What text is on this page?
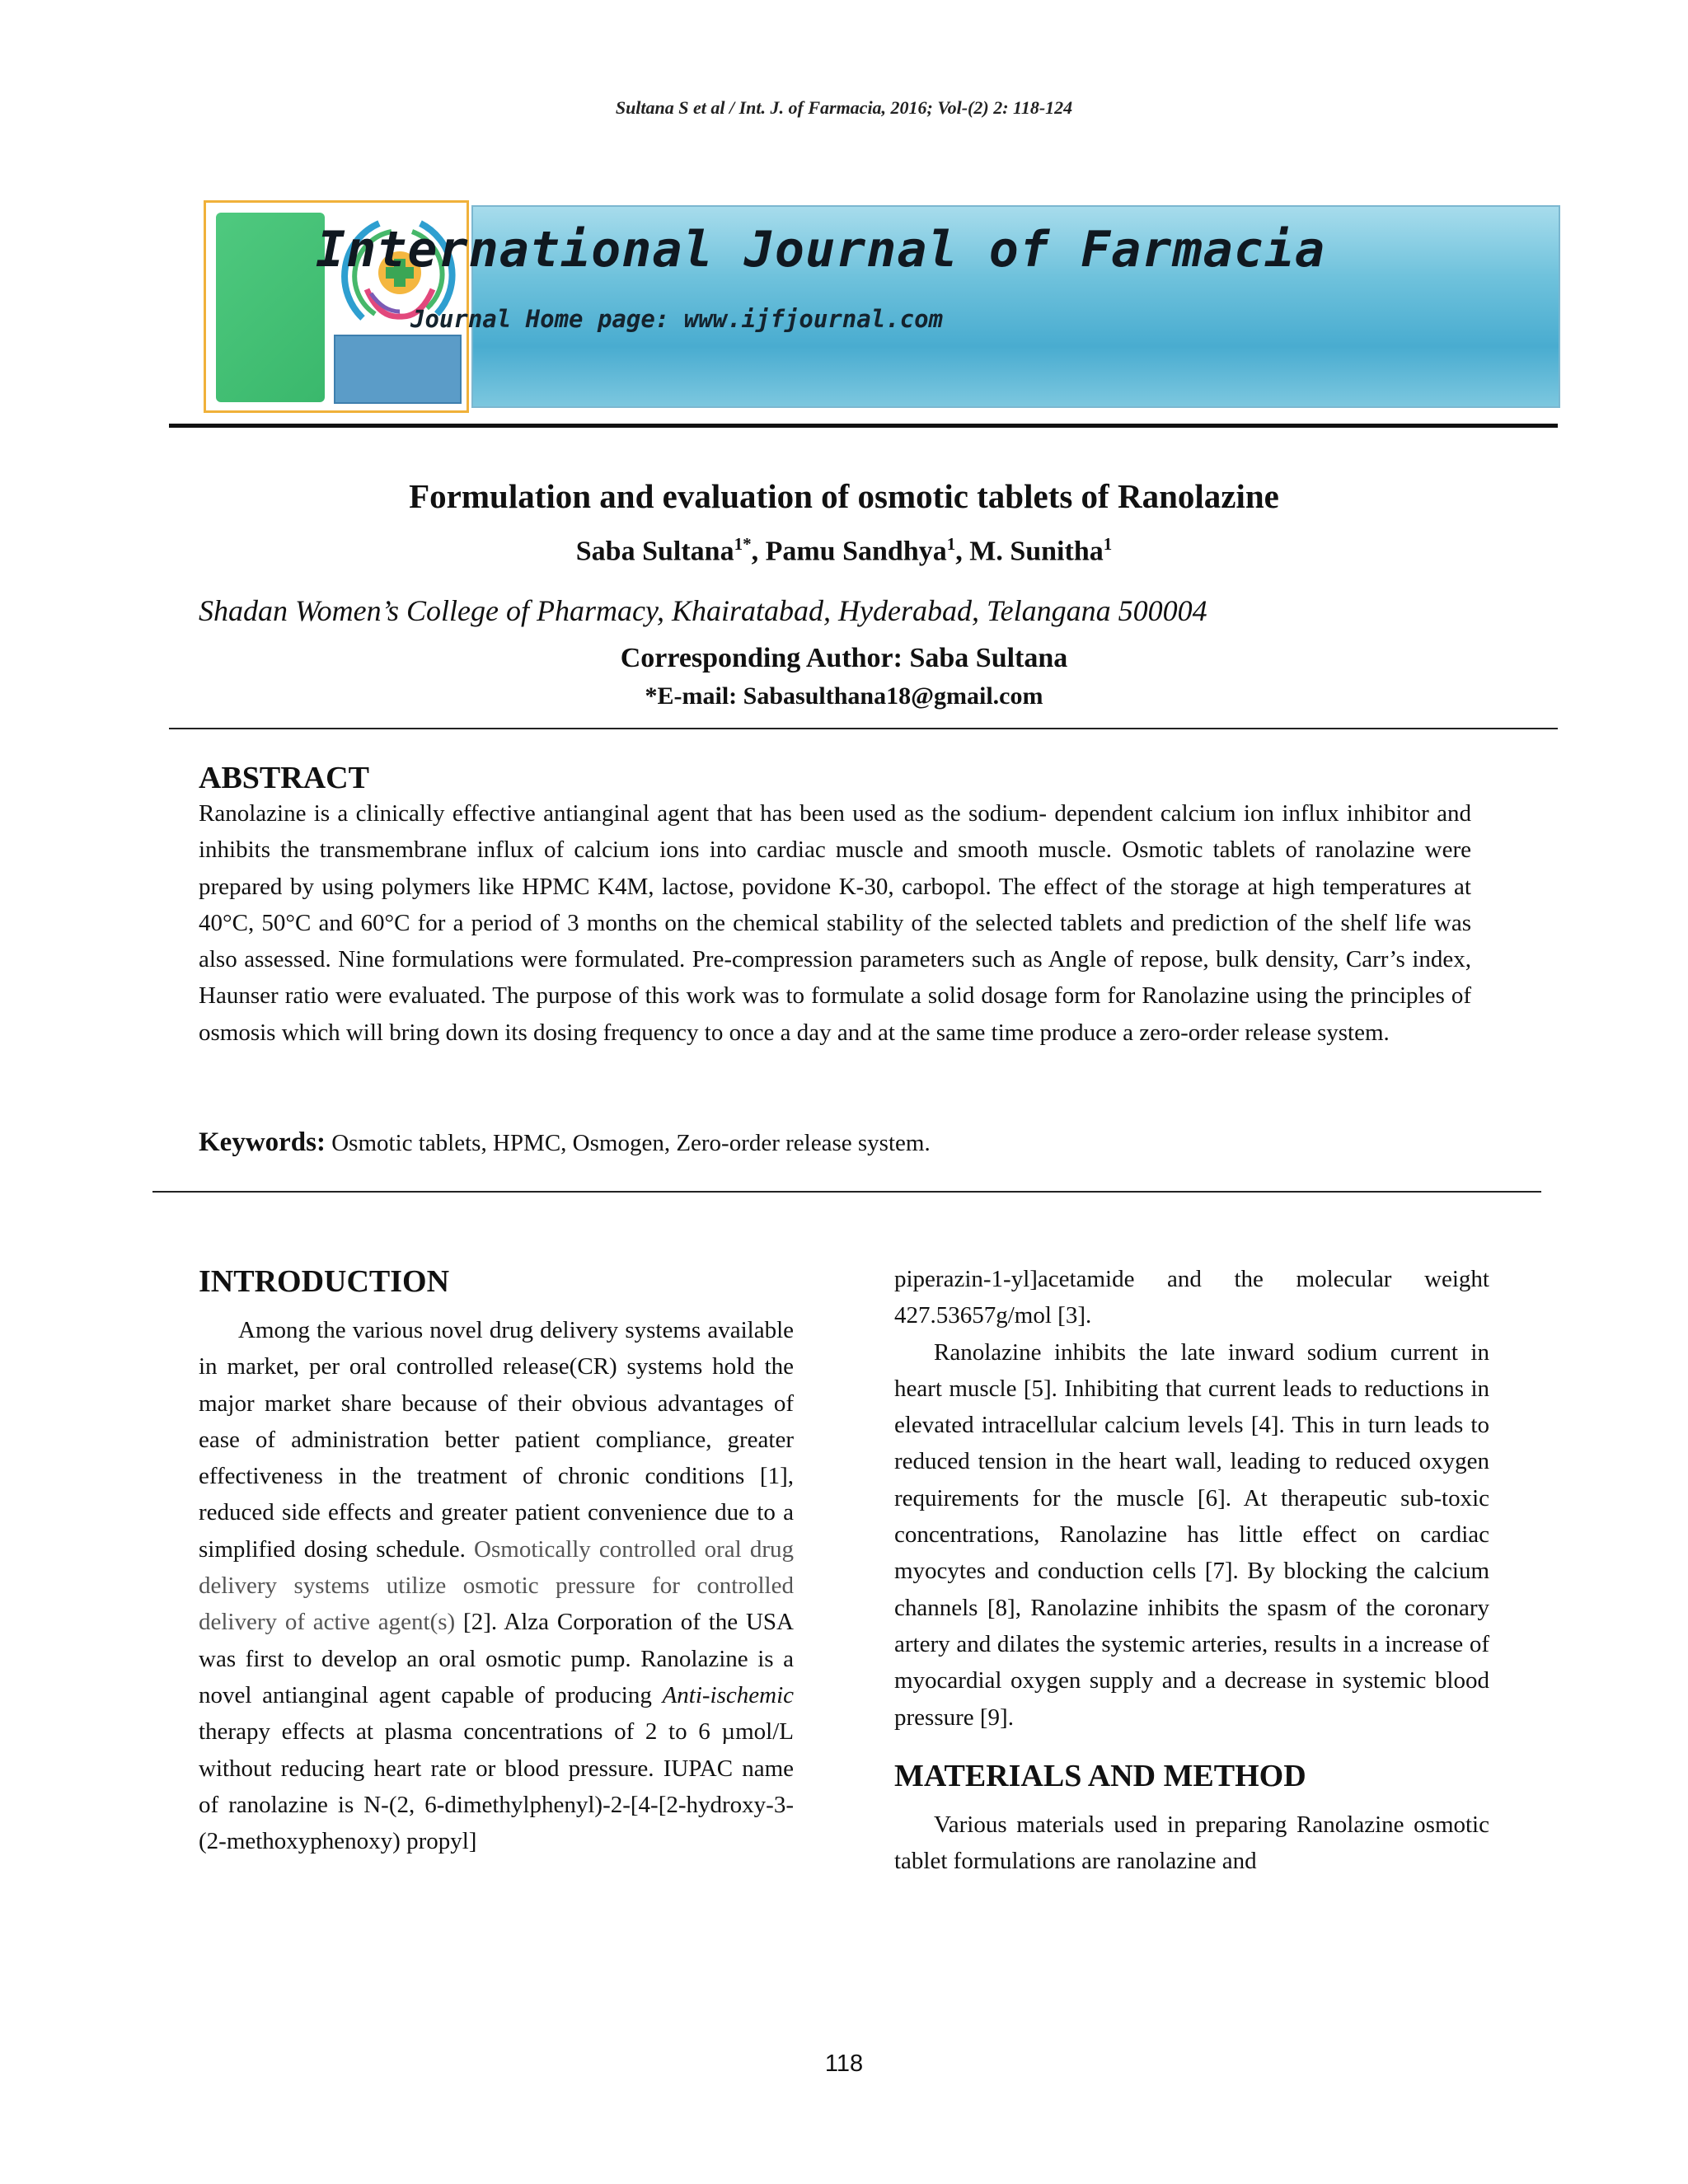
Sultana S et al / Int. J. of Farmacia, 2016; Vol-(2) 2: 118-124
International Journal of Farmacia
Journal Home page: www.ijfjournal.com
Formulation and evaluation of osmotic tablets of Ranolazine
Saba Sultana$^{1*}$, Pamu Sandhya$^1$, M. Sunitha$^1$
Shadan Women’s College of Pharmacy, Khairatabad, Hyderabad, Telangana 500004
Corresponding Author: Saba Sultana
*E-mail: Sabasulthana18@gmail.com
ABSTRACT
Ranolazine is a clinically effective antianginal agent that has been used as the sodium- dependent calcium ion influx inhibitor and inhibits the transmembrane influx of calcium ions into cardiac muscle and smooth muscle. Osmotic tablets of ranolazine were prepared by using polymers like HPMC K4M, lactose, povidone K-30, carbopol. The effect of the storage at high temperatures at 40°C, 50°C and 60°C for a period of 3 months on the chemical stability of the selected tablets and prediction of the shelf life was also assessed. Nine formulations were formulated. Pre-compression parameters such as Angle of repose, bulk density, Carr’s index, Haunser ratio were evaluated. The purpose of this work was to formulate a solid dosage form for Ranolazine using the principles of osmosis which will bring down its dosing frequency to once a day and at the same time produce a zero-order release system.
Keywords: Osmotic tablets, HPMC, Osmogen, Zero-order release system.
INTRODUCTION

Among the various novel drug delivery systems available in market, per oral controlled release(CR) systems hold the major market share because of their obvious advantages of ease of administration better patient compliance, greater effectiveness in the treatment of chronic conditions [1], reduced side effects and greater patient convenience due to a simplified dosing schedule. Osmotically controlled oral drug delivery systems utilize osmotic pressure for controlled delivery of active agent(s) [2]. Alza Corporation of the USA was first to develop an oral osmotic pump. Ranolazine is a novel antianginal agent capable of producing Anti-ischemic therapy effects at plasma concentrations of 2 to 6 µmol/L without reducing heart rate or blood pressure. IUPAC name of ranolazine is N-(2, 6-dimethylphenyl)-2-[4-[2-hydroxy-3-(2-methoxyphenoxy) propyl]

piperazin-1-yl]acetamide and the molecular weight 427.53657g/mol [3].

Ranolazine inhibits the late inward sodium current in heart muscle [5]. Inhibiting that current leads to reductions in elevated intracellular calcium levels [4]. This in turn leads to reduced tension in the heart wall, leading to reduced oxygen requirements for the muscle [6]. At therapeutic sub-toxic concentrations, Ranolazine has little effect on cardiac myocytes and conduction cells [7]. By blocking the calcium channels [8], Ranolazine inhibits the spasm of the coronary artery and dilates the systemic arteries, results in a increase of myocardial oxygen supply and a decrease in systemic blood pressure [9].

MATERIALS AND METHOD

Various materials used in preparing Ranolazine osmotic tablet formulations are ranolazine and

118
